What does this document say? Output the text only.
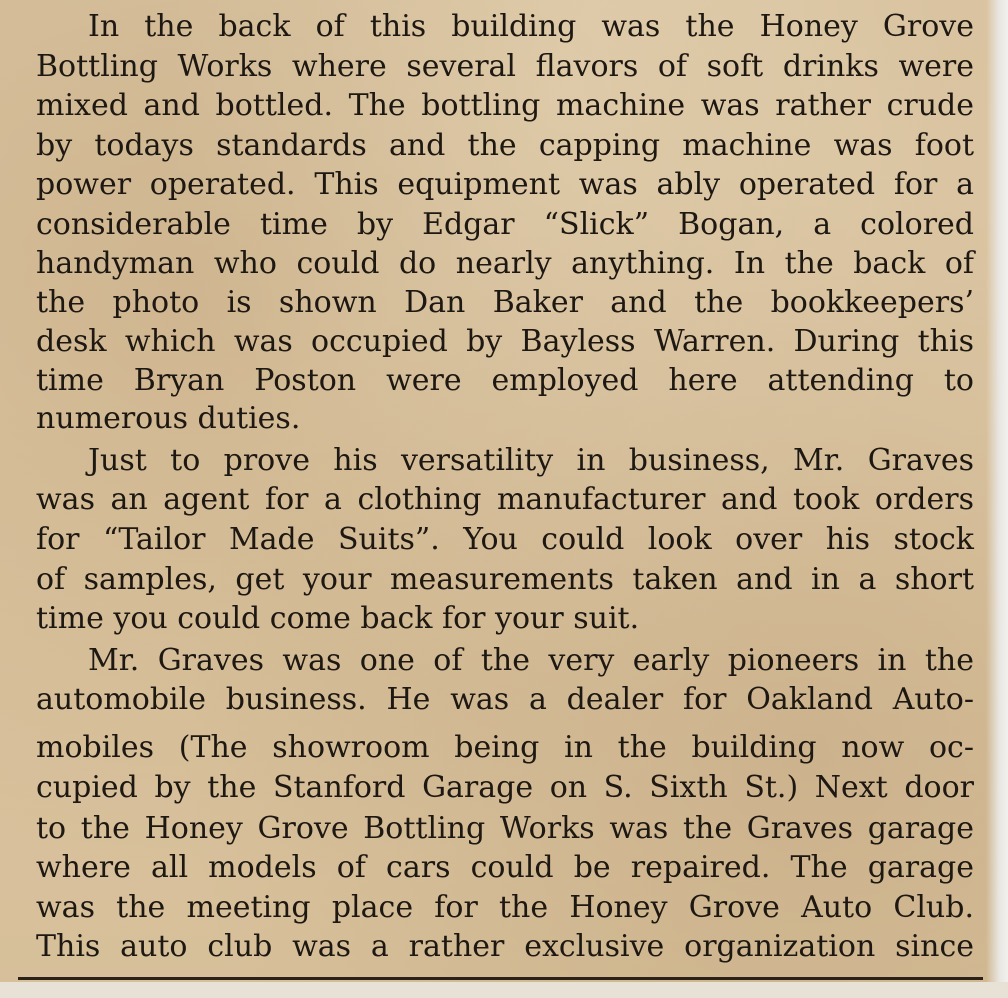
In the back of this building was the Honey Grove

Bottling Works where several flavors of soft drinks were

mixed and bottled. The bottling machine was rather crude

by todays standards and the capping machine was foot

power operated. This equipment was ably operated for a

considerable time by Edgar “Slick” Bogan, a colored

handyman who could do nearly anything. In the back of

the photo is shown Dan Baker and the bookkeepers’

desk which was occupied by Bayless Warren. During this

time Bryan Poston were employed here attending to

numerous duties.

Just to prove his versatility in business, Mr. Graves

was an agent for a clothing manufacturer and took orders

for “Tailor Made Suits”. You could look over his stock

of samples, get your measurements taken and in a short

time you could come back for your suit.

Mr. Graves was one of the very early pioneers in the

automobile business. He was a dealer for Oakland Auto-

mobiles (The showroom being in the building now oc-

cupied by the Stanford Garage on S. Sixth St.) Next door

to the Honey Grove Bottling Works was the Graves garage

where all models of cars could be repaired. The garage

was the meeting place for the Honey Grove Auto Club.

This auto club was a rather exclusive organization since
